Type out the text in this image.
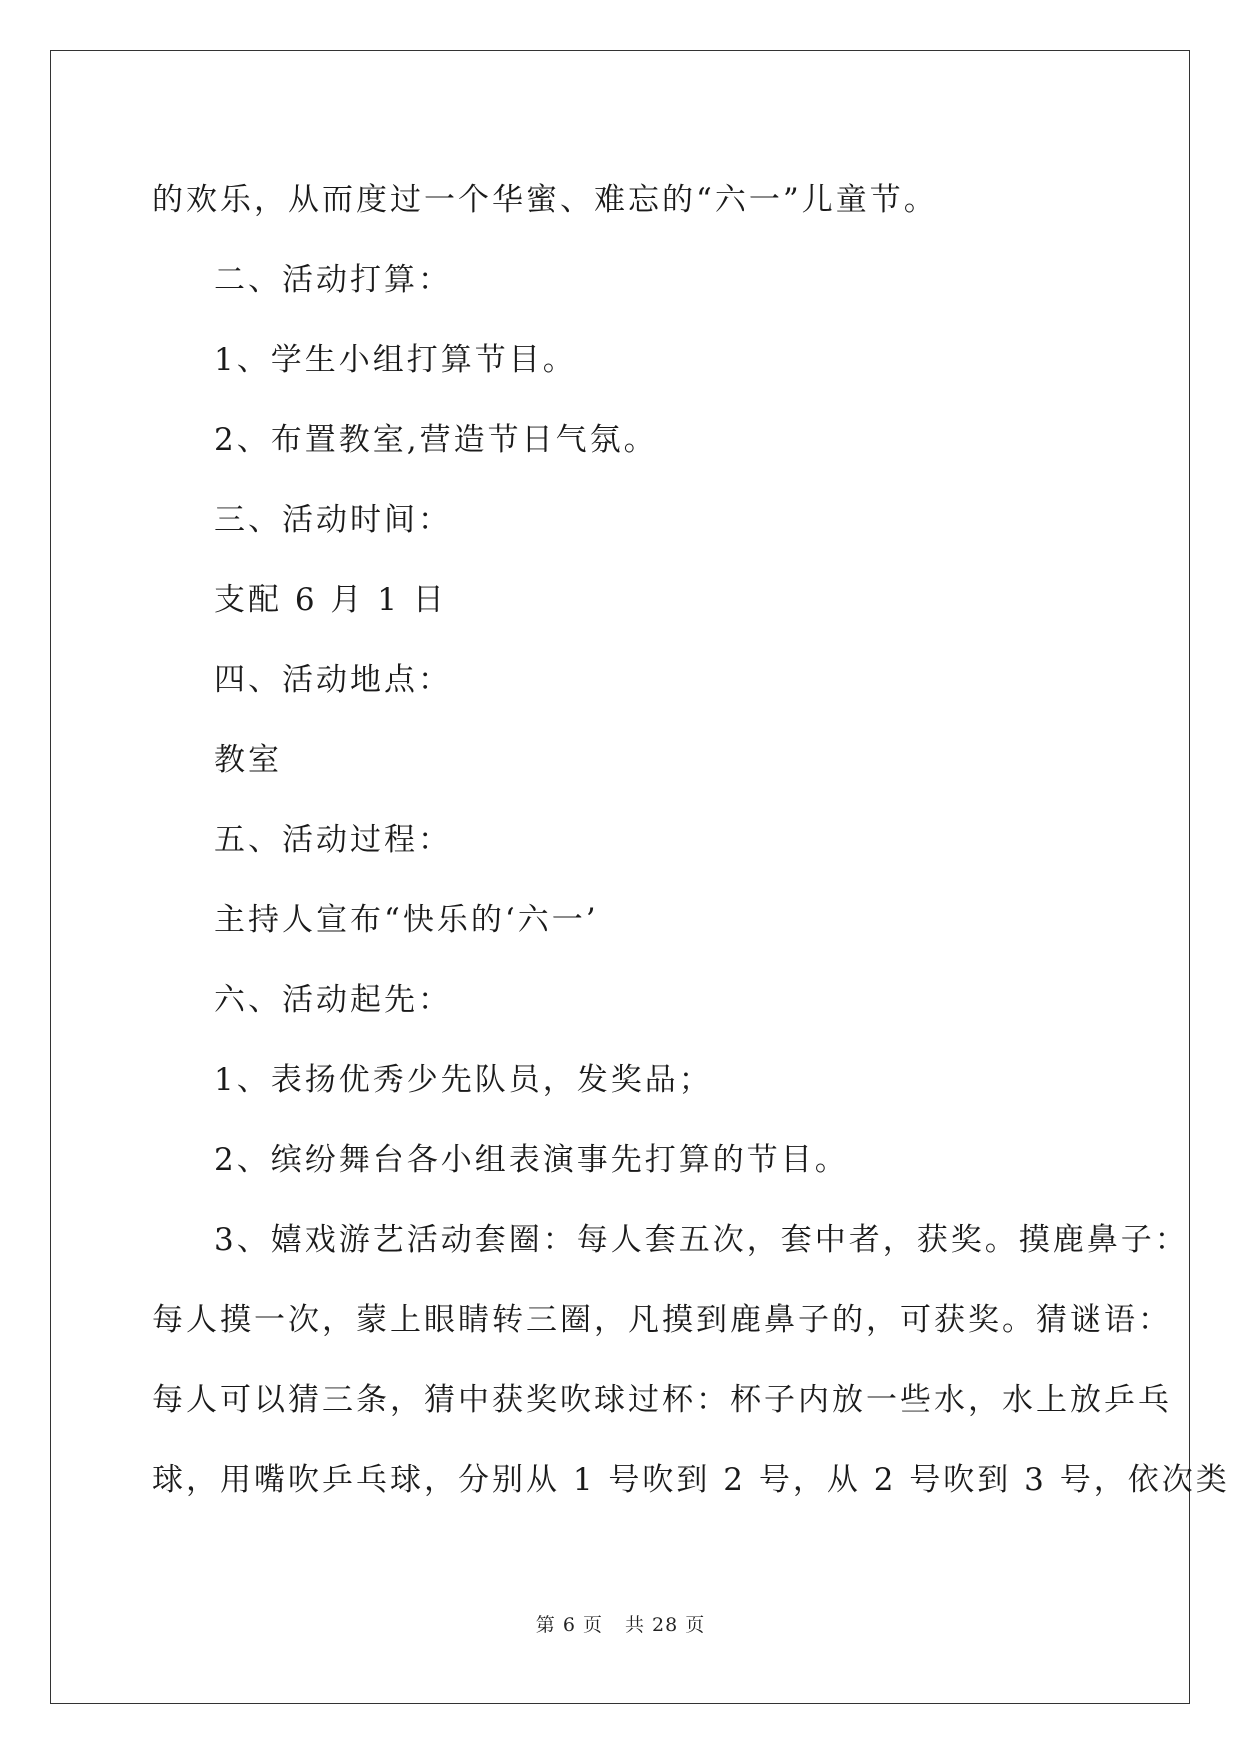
的欢乐，从而度过一个华蜜、难忘的“六一”儿童节。

二、活动打算：

1、学生小组打算节目。

2、布置教室,营造节日气氛。

三、活动时间：

支配 6 月 1 日

四、活动地点：

教室

五、活动过程：

主持人宣布“快乐的‘六一’

六、活动起先：

1、表扬优秀少先队员，发奖品；

2、缤纷舞台各小组表演事先打算的节目。

3、嬉戏游艺活动套圈：每人套五次，套中者，获奖。摸鹿鼻子：

每人摸一次，蒙上眼睛转三圈，凡摸到鹿鼻子的，可获奖。猜谜语：

每人可以猜三条，猜中获奖吹球过杯：杯子内放一些水，水上放乒乓

球，用嘴吹乒乓球，分别从 1 号吹到 2 号，从 2 号吹到 3 号，依次类

第 6 页 共 28 页
